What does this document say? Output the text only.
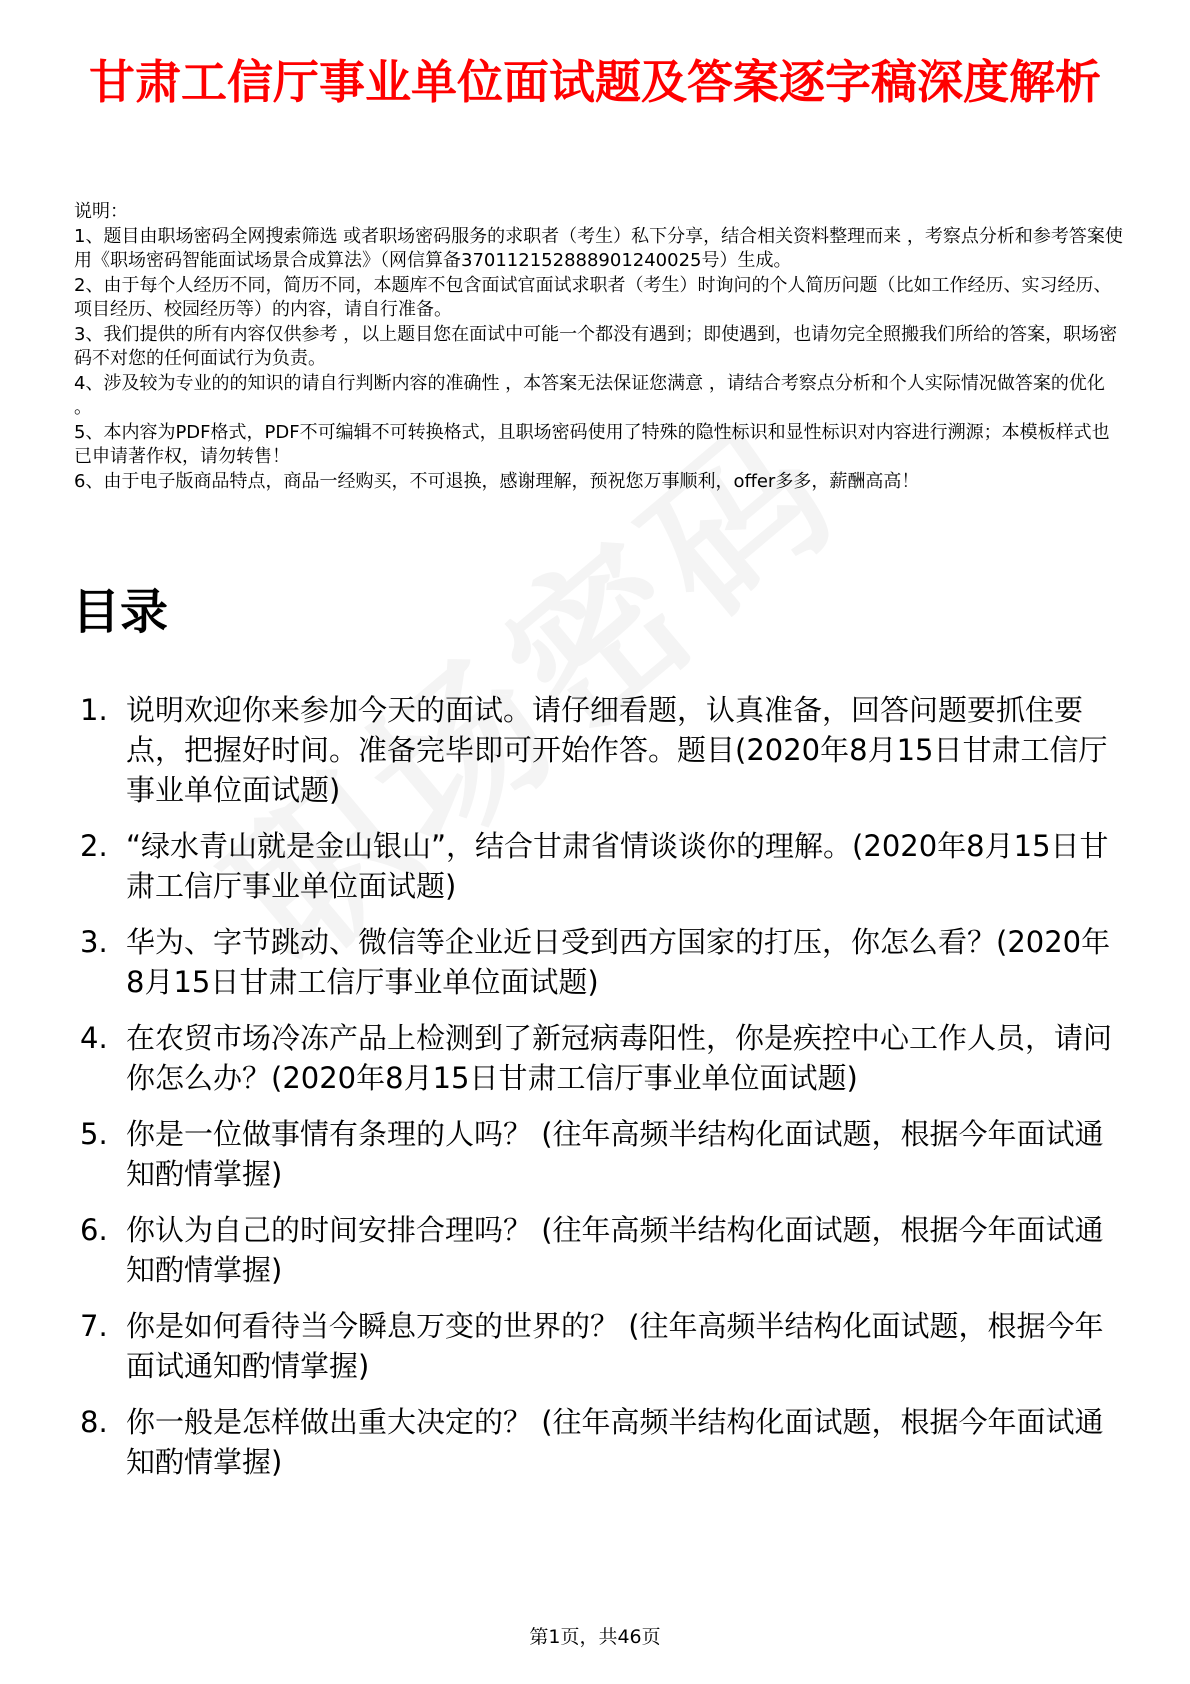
甘肃工信厅事业单位面试题及答案逐字稿深度解析

说明：

1、题目由职场密码全网搜索筛选 或者职场密码服务的求职者（考生）私下分享，结合相关资料整理而来 ，考察点分析和参考答案使用《职场密码智能面试场景合成算法》（网信算备370112152888901240025号）生成。

2、由于每个人经历不同，简历不同，本题库不包含面试官面试求职者（考生）时询问的个人简历问题（比如工作经历、实习经历、项目经历、校园经历等）的内容，请自行准备。

3、我们提供的所有内容仅供参考 ，以上题目您在面试中可能一个都没有遇到；即使遇到，也请勿完全照搬我们所给的答案，职场密码不对您的任何面试行为负责。

4、涉及较为专业的的知识的请自行判断内容的准确性 ，本答案无法保证您满意 ，请结合考察点分析和个人实际情况做答案的优化 。

5、本内容为PDF格式，PDF不可编辑不可转换格式，且职场密码使用了特殊的隐性标识和显性标识对内容进行溯源；本模板样式也已申请著作权，请勿转售！

6、由于电子版商品特点，商品一经购买，不可退换，感谢理解，预祝您万事顺利，offer多多，薪酬高高！

目录
1. 说明欢迎你来参加今天的面试。请仔细看题，认真准备，回答问题要抓住要点，把握好时间。准备完毕即可开始作答。题目(2020年8月15日甘肃工信厅事业单位面试题)
2. “绿水青山就是金山银山”，结合甘肃省情谈谈你的理解。(2020年8月15日甘肃工信厅事业单位面试题)
3. 华为、字节跳动、微信等企业近日受到西方国家的打压，你怎么看？(2020年8月15日甘肃工信厅事业单位面试题)
4. 在农贸市场冷冻产品上检测到了新冠病毒阳性，你是疾控中心工作人员，请问你怎么办？(2020年8月15日甘肃工信厅事业单位面试题)
5. 你是一位做事情有条理的人吗？ (往年高频半结构化面试题，根据今年面试通知酌情掌握)
6. 你认为自己的时间安排合理吗？ (往年高频半结构化面试题，根据今年面试通知酌情掌握)
7. 你是如何看待当今瞬息万变的世界的？ (往年高频半结构化面试题，根据今年面试通知酌情掌握)
8. 你一般是怎样做出重大决定的？ (往年高频半结构化面试题，根据今年面试通知酌情掌握)

第1页，共46页
